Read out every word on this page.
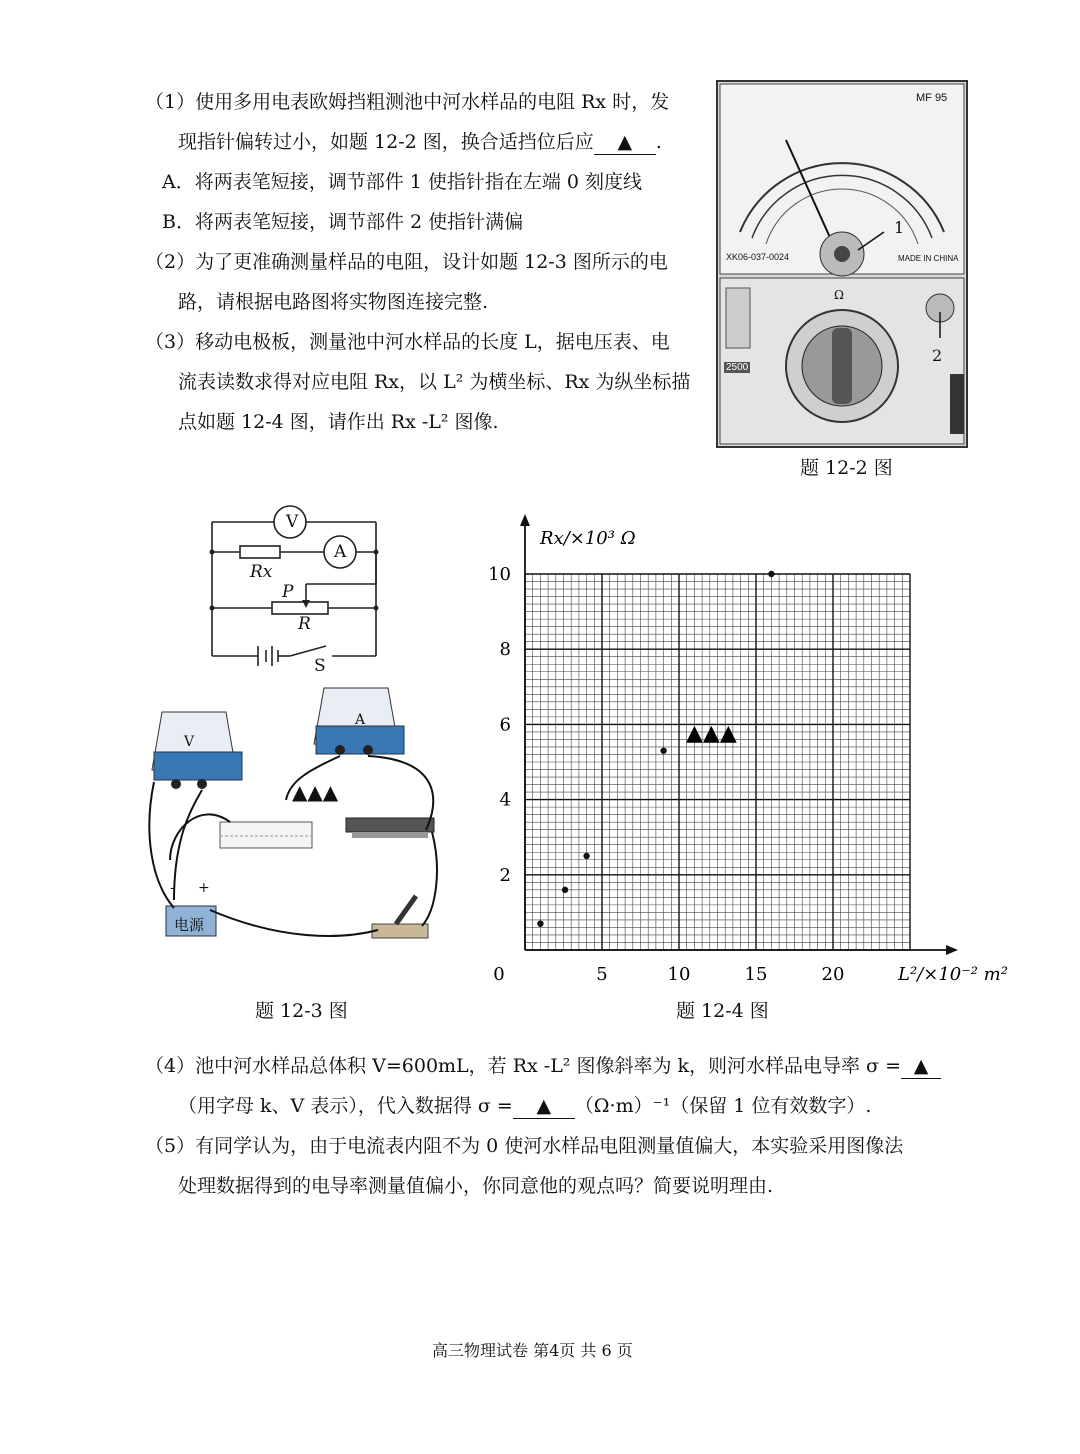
（1）使用多用电表欧姆挡粗测池中河水样品的电阻 Rx 时，发
现指针偏转过小，如题 12-2 图，换合适挡位后应 ▲ .
A．将两表笔短接，调节部件 1 使指针指在左端 0 刻度线
B．将两表笔短接，调节部件 2 使指针满偏
（2）为了更准确测量样品的电阻，设计如题 12-3 图所示的电
路，请根据电路图将实物图连接完整.
（3）移动电极板，测量池中河水样品的长度 L，据电压表、电
流表读数求得对应电阻 Rx，以 L² 为横坐标、Rx 为纵坐标描
点如题 12-4 图，请作出 Rx -L² 图像.
MF 95
XK06-037-0024	MADE IN CHINA
1
2
Ω
2500
题 12-2 图
V
A
Rx
P
R
S
V
A
▲▲▲
- +
电源
题 12-3 图
0	5	10	15	20
2
4
6
8
10
Rx/×10³ Ω
L²/×10⁻² m²
▲▲▲
题 12-4 图
（4）池中河水样品总体积 V=600mL，若 Rx -L² 图像斜率为 k，则河水样品电导率 σ = ▲
（用字母 k、V 表示），代入数据得 σ = ▲ （Ω·m）⁻¹（保留 1 位有效数字）.
（5）有同学认为，由于电流表内阻不为 0 使河水样品电阻测量值偏大，本实验采用图像法
处理数据得到的电导率测量值偏小，你同意他的观点吗？简要说明理由.
高三物理试卷 第4页 共 6 页
